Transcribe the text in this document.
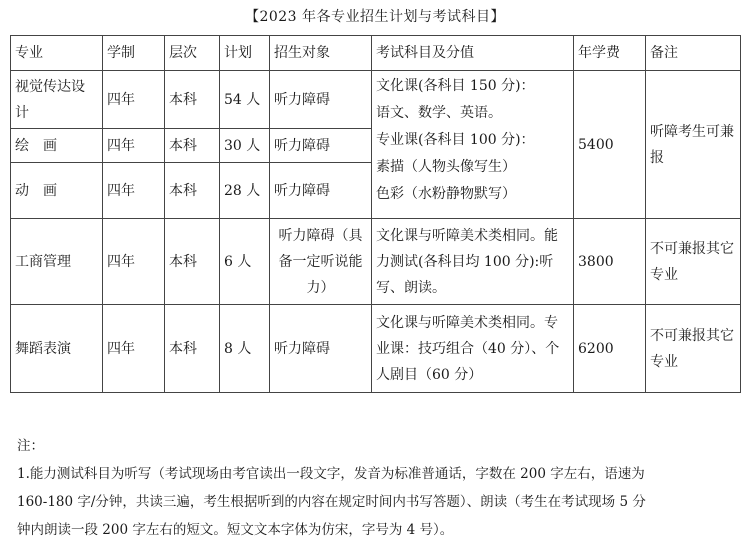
【2023 年各专业招生计划与考试科目】
专业	学制	层次	计划	招生对象	考试科目及分值	年学费	备注
视觉传达设计	四年	本科	54 人	听力障碍	文化课(各科目 150 分)：
语文、数学、英语。
专业课(各科目 100 分)：
素描（人物头像写生）
色彩（水粉静物默写）	5400	听障考生可兼报
绘　画	四年	本科	30 人	听力障碍			
动　画	四年	本科	28 人	听力障碍			
工商管理	四年	本科	6 人	听力障碍（具备一定听说能力）	文化课与听障美术类相同。能力测试(各科目均 100 分):听写、朗读。	3800	不可兼报其它专业
舞蹈表演	四年	本科	8 人	听力障碍	文化课与听障美术类相同。专业课：技巧组合（40 分）、个人剧目（60 分）	6200	不可兼报其它专业
注：
1.能力测试科目为听写（考试现场由考官读出一段文字，发音为标准普通话，字数在 200 字左右，语速为
160-180 字/分钟，共读三遍，考生根据听到的内容在规定时间内书写答题）、朗读（考生在考试现场 5 分
钟内朗读一段 200 字左右的短文。短文文本字体为仿宋，字号为 4 号）。
